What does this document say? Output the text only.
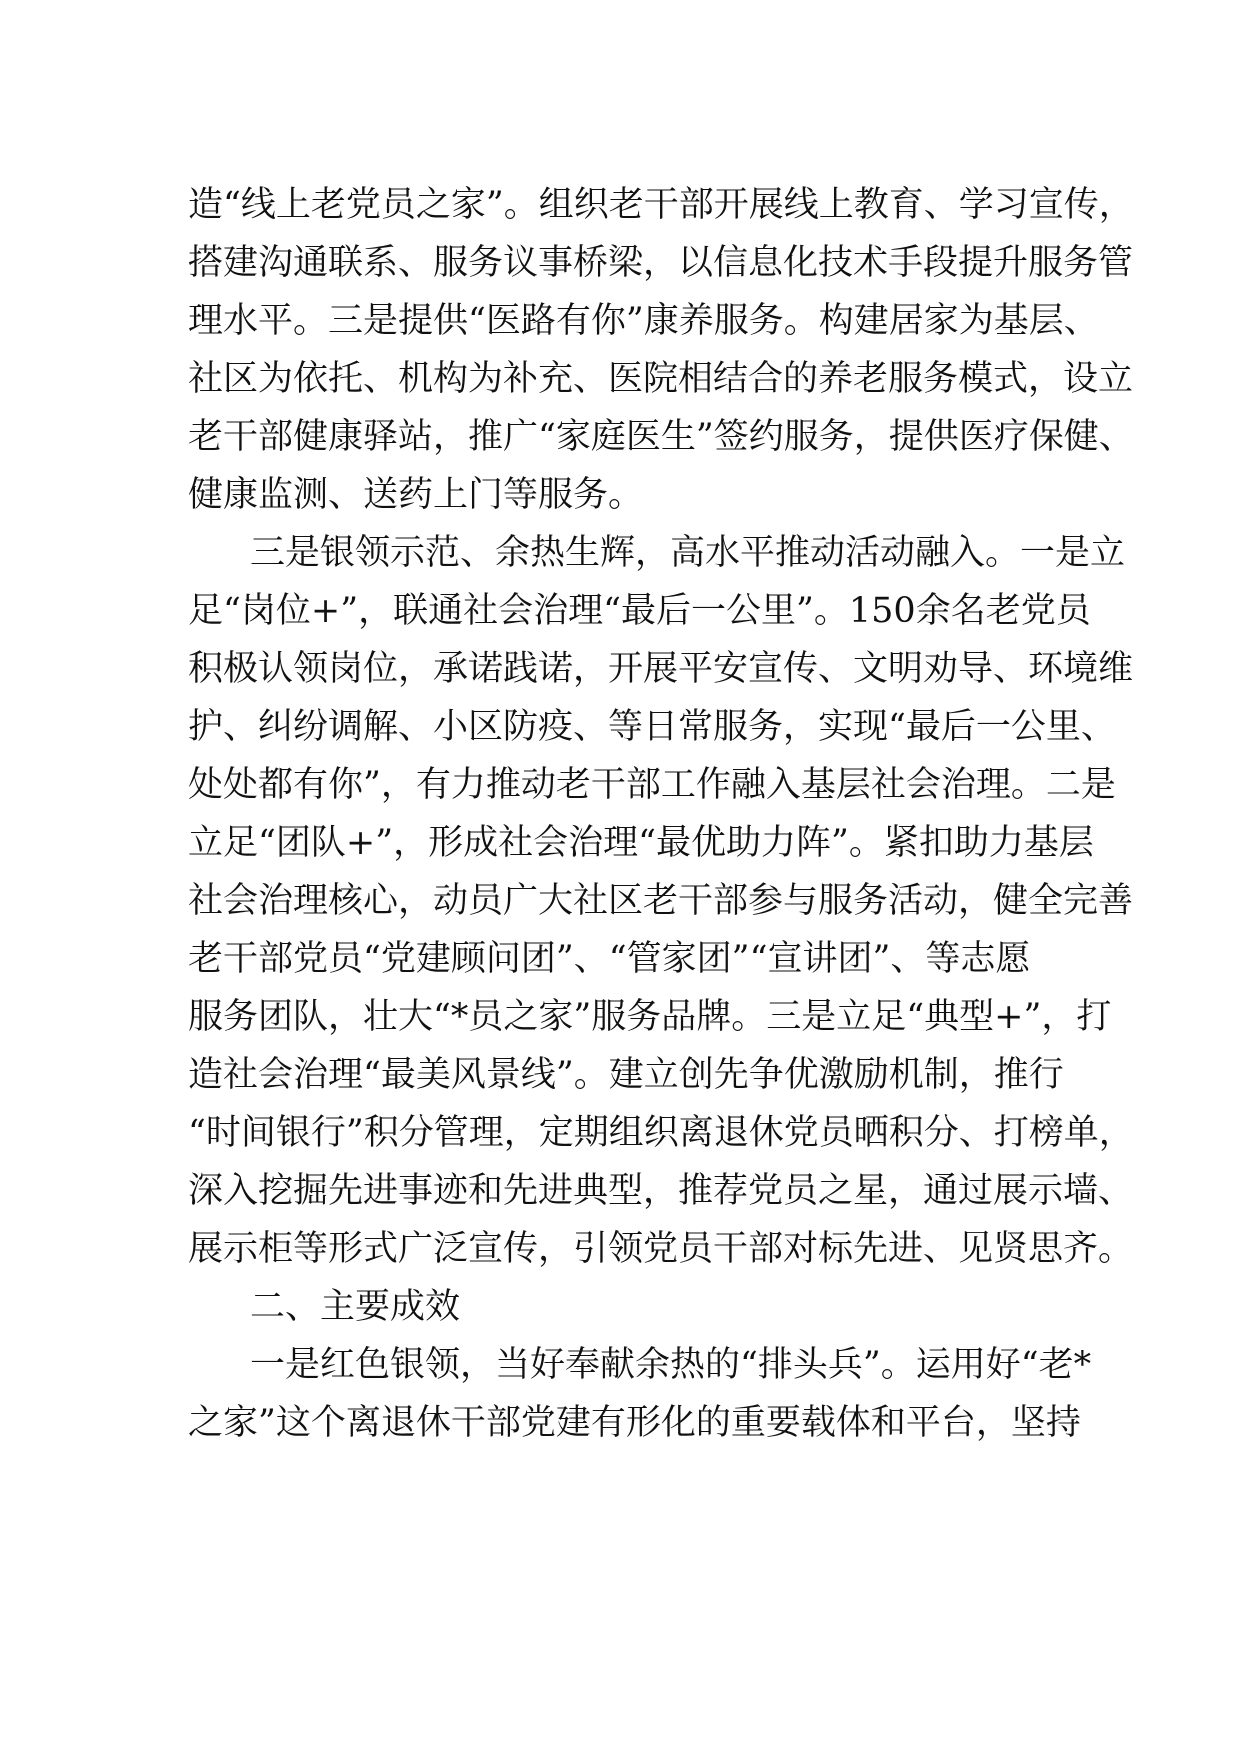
造“线上老党员之家”。组织老干部开展线上教育、学习宣传，
搭建沟通联系、服务议事桥梁，以信息化技术手段提升服务管
理水平。三是提供“医路有你”康养服务。构建居家为基层、
社区为依托、机构为补充、医院相结合的养老服务模式，设立
老干部健康驿站，推广“家庭医生”签约服务，提供医疗保健、
健康监测、送药上门等服务。
三是银领示范、余热生辉，高水平推动活动融入。一是立
足“岗位+”，联通社会治理“最后一公里”。150余名老党员
积极认领岗位，承诺践诺，开展平安宣传、文明劝导、环境维
护、纠纷调解、小区防疫、等日常服务，实现“最后一公里、
处处都有你”，有力推动老干部工作融入基层社会治理。二是
立足“团队+”，形成社会治理“最优助力阵”。紧扣助力基层
社会治理核心，动员广大社区老干部参与服务活动，健全完善
老干部党员“党建顾问团”、“管家团”“宣讲团”、等志愿
服务团队，壮大“*员之家”服务品牌。三是立足“典型+”，打
造社会治理“最美风景线”。建立创先争优激励机制，推行
“时间银行”积分管理，定期组织离退休党员晒积分、打榜单，
深入挖掘先进事迹和先进典型，推荐党员之星，通过展示墙、
展示柜等形式广泛宣传，引领党员干部对标先进、见贤思齐。
二、主要成效
一是红色银领，当好奉献余热的“排头兵”。运用好“老*
之家”这个离退休干部党建有形化的重要载体和平台，坚持
